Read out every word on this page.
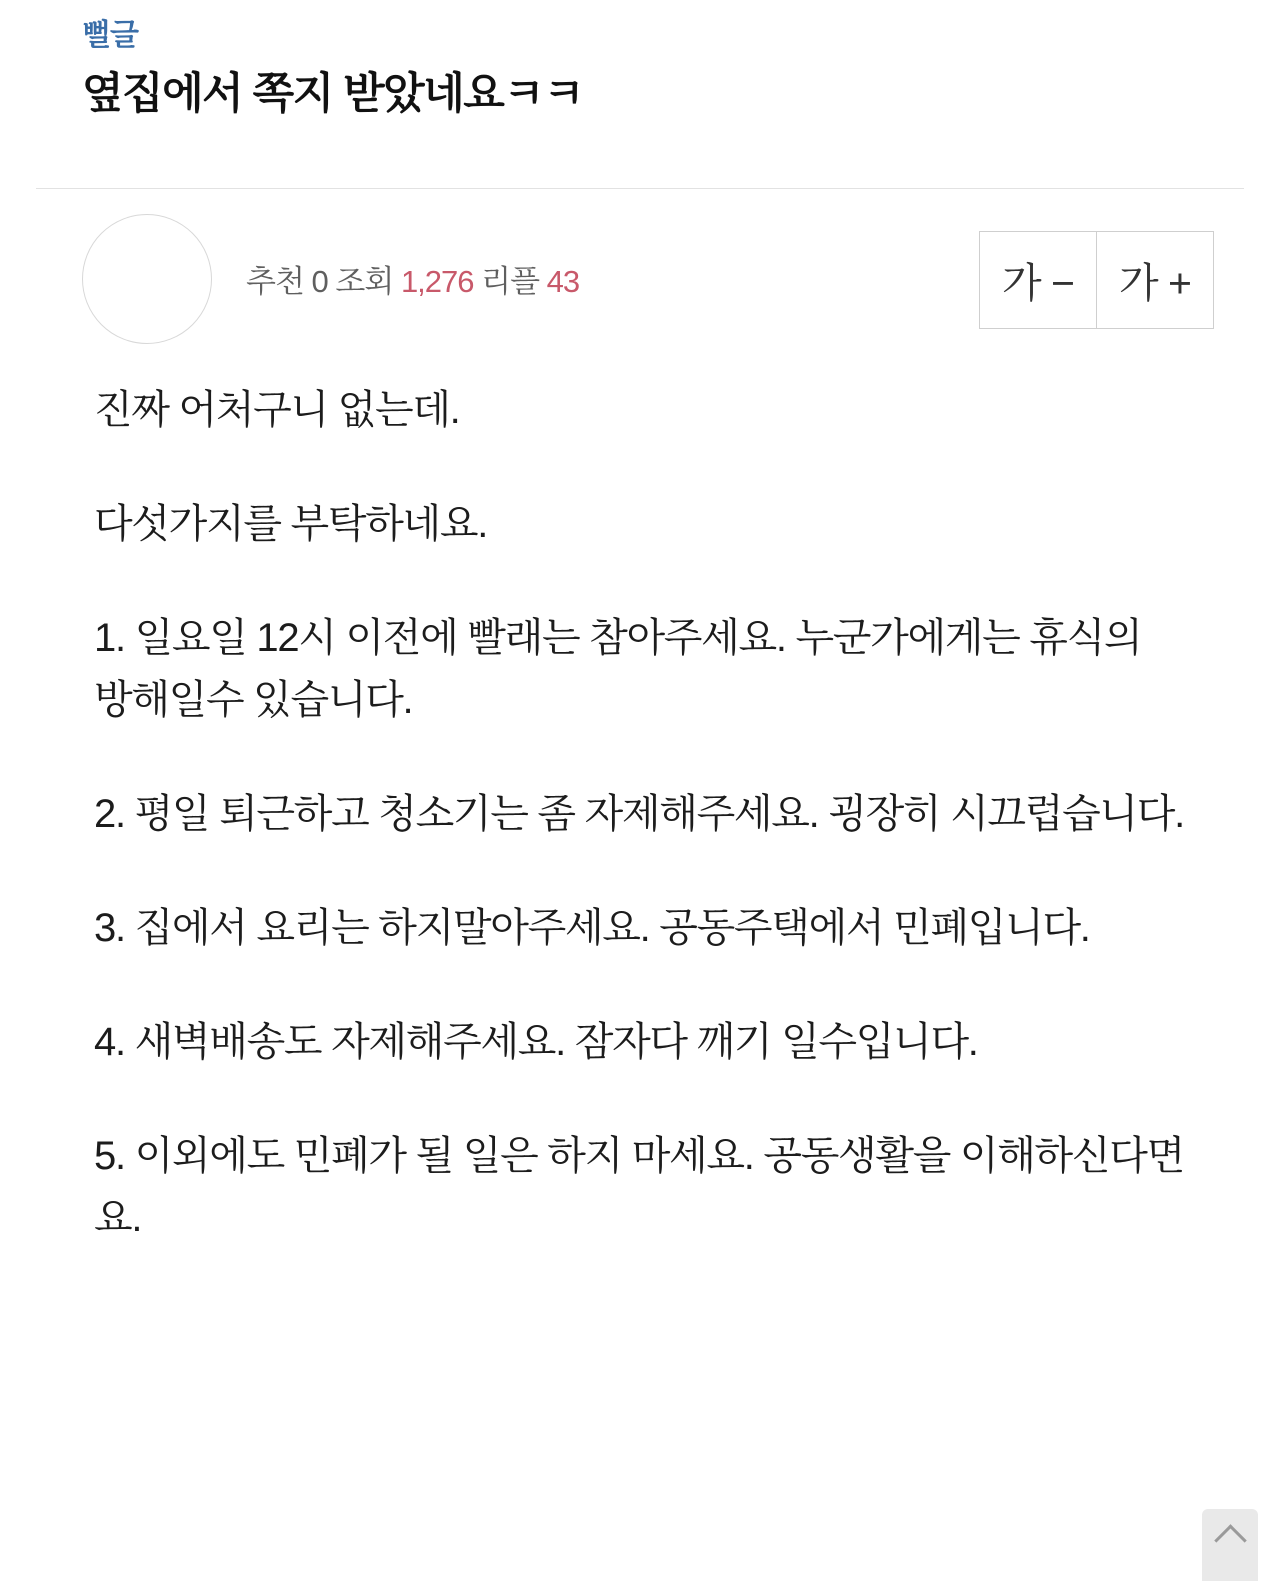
뻘글
옆집에서 쪽지 받았네요ㅋㅋ
추천 0 조회 1,276 리플 43	가 −	가 +

진짜 어처구니 없는데.

다섯가지를 부탁하네요.

1. 일요일 12시 이전에 빨래는 참아주세요. 누군가에게는 휴식의 방해일수 있습니다.

2. 평일 퇴근하고 청소기는 좀 자제해주세요. 굉장히 시끄럽습니다.

3. 집에서 요리는 하지말아주세요. 공동주택에서 민폐입니다.

4. 새벽배송도 자제해주세요. 잠자다 깨기 일수입니다.

5. 이외에도 민폐가 될 일은 하지 마세요. 공동생활을 이해하신다면요.
